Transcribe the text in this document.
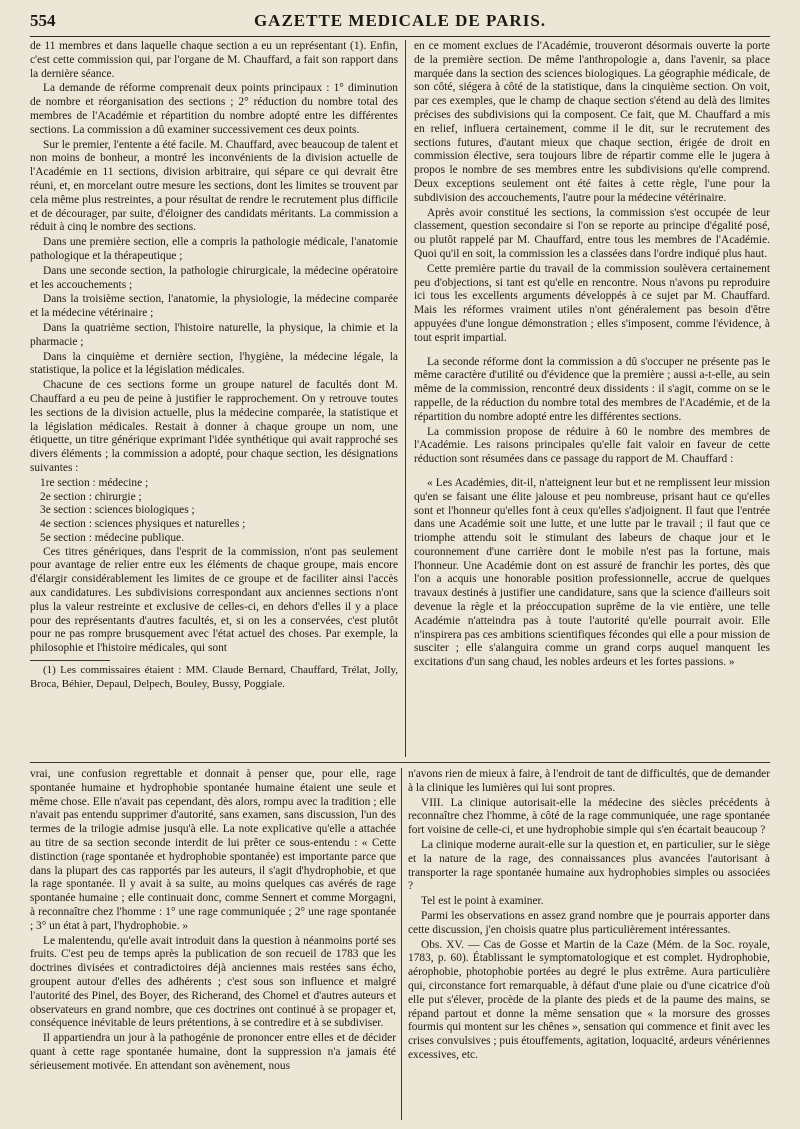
554	GAZETTE MEDICALE DE PARIS.

de 11 membres et dans laquelle chaque section a eu un représentant (1). Enfin, c'est cette commission qui, par l'organe de M. Chauffard, a fait son rapport dans la dernière séance.

La demande de réforme comprenait deux points principaux : 1° diminution de nombre et réorganisation des sections ; 2° réduction du nombre total des membres de l'Académie et répartition du nombre adopté entre les différentes sections. La commission a dû examiner successivement ces deux points.

Sur le premier, l'entente a été facile. M. Chauffard, avec beaucoup de talent et non moins de bonheur, a montré les inconvénients de la division actuelle de l'Académie en 11 sections, division arbitraire, qui sépare ce qui devrait être réuni, et, en morcelant outre mesure les sections, dont les limites se trouvent par cela même plus restreintes, a pour résultat de rendre le recrutement plus difficile et de décourager, par suite, d'éloigner des candidats méritants. La commission a réduit à cinq le nombre des sections.

Dans une première section, elle a compris la pathologie médicale, l'anatomie pathologique et la thérapeutique ;

Dans une seconde section, la pathologie chirurgicale, la médecine opératoire et les accouchements ;

Dans la troisième section, l'anatomie, la physiologie, la médecine comparée et la médecine vétérinaire ;

Dans la quatrième section, l'histoire naturelle, la physique, la chimie et la pharmacie ;

Dans la cinquième et dernière section, l'hygiène, la médecine légale, la statistique, la police et la législation médicales.

Chacune de ces sections forme un groupe naturel de facultés dont M. Chauffard a eu peu de peine à justifier le rapprochement. On y retrouve toutes les sections de la division actuelle, plus la médecine comparée, la statistique et la législation médicales. Restait à donner à chaque groupe un nom, une étiquette, un titre générique exprimant l'idée synthétique qui avait rapproché ses divers éléments ; la commission a adopté, pour chaque section, les désignations suivantes :

1re section : médecine ;

2e section : chirurgie ;

3e section : sciences biologiques ;

4e section : sciences physiques et naturelles ;

5e section : médecine publique.

Ces titres génériques, dans l'esprit de la commission, n'ont pas seulement pour avantage de relier entre eux les éléments de chaque groupe, mais encore d'élargir considérablement les limites de ce groupe et de faciliter ainsi l'accès aux candidatures. Les subdivisions correspondant aux anciennes sections n'ont plus la valeur restreinte et exclusive de celles-ci, en dehors d'elles il y a place pour des représentants d'autres facultés, et, si on les a conservées, c'est plutôt pour ne pas rompre brusquement avec l'état actuel des choses. Par exemple, la philosophie et l'histoire médicales, qui sont

(1) Les commissaires étaient : MM. Claude Bernard, Chauffard, Trélat, Jolly, Broca, Béhier, Depaul, Delpech, Bouley, Bussy, Poggiale.

en ce moment exclues de l'Académie, trouveront désormais ouverte la porte de la première section. De même l'anthropologie a, dans l'avenir, sa place marquée dans la section des sciences biologiques. La géographie médicale, de son côté, siégera à côté de la statistique, dans la cinquième section. On voit, par ces exemples, que le champ de chaque section s'étend au delà des limites précises des subdivisions qui la composent. Ce fait, que M. Chauffard a mis en relief, influera certainement, comme il le dit, sur le recrutement des sections futures, d'autant mieux que chaque section, érigée de droit en commission élective, sera toujours libre de répartir comme elle le jugera à propos le nombre de ses membres entre les subdivisions qu'elle comprend. Deux exceptions seulement ont été faites à cette règle, l'une pour la subdivision des accouchements, l'autre pour la médecine vétérinaire.

Après avoir constitué les sections, la commission s'est occupée de leur classement, question secondaire si l'on se reporte au principe d'égalité posé, ou plutôt rappelé par M. Chauffard, entre tous les membres de l'Académie. Quoi qu'il en soit, la commission les a classées dans l'ordre indiqué plus haut.

Cette première partie du travail de la commission soulèvera certainement peu d'objections, si tant est qu'elle en rencontre. Nous n'avons pu reproduire ici tous les excellents arguments développés à ce sujet par M. Chauffard. Mais les réformes vraiment utiles n'ont généralement pas besoin d'être appuyées d'une longue démonstration ; elles s'imposent, comme l'évidence, à tout esprit impartial.

La seconde réforme dont la commission a dû s'occuper ne présente pas le même caractère d'utilité ou d'évidence que la première ; aussi a-t-elle, au sein même de la commission, rencontré deux dissidents : il s'agit, comme on se le rappelle, de la réduction du nombre total des membres de l'Académie, et de la répartition du nombre adopté entre les différentes sections.

La commission propose de réduire à 60 le nombre des membres de l'Académie. Les raisons principales qu'elle fait valoir en faveur de cette réduction sont résumées dans ce passage du rapport de M. Chauffard :

« Les Académies, dit-il, n'atteignent leur but et ne remplissent leur mission qu'en se faisant une élite jalouse et peu nombreuse, prisant haut ce qu'elles sont et l'honneur qu'elles font à ceux qu'elles s'adjoignent. Il faut que l'entrée dans une Académie soit une lutte, et une lutte par le travail ; il faut que ce triomphe attendu soit le stimulant des labeurs de chaque jour et le couronnement d'une carrière dont le mobile n'est pas la fortune, mais l'honneur. Une Académie dont on est assuré de franchir les portes, dès que l'on a acquis une honorable position professionnelle, accrue de quelques travaux destinés à justifier une candidature, sans que la science d'ailleurs soit devenue la règle et la préoccupation suprême de la vie entière, une telle Académie n'atteindra pas à toute l'autorité qu'elle pourrait avoir. Elle n'inspirera pas ces ambitions scientifiques fécondes qui elle a pour mission de susciter ; elle s'alanguira comme un grand corps auquel manquent les excitations d'un sang chaud, les nobles ardeurs et les fortes passions. »

vrai, une confusion regrettable et donnait à penser que, pour elle, rage spontanée humaine et hydrophobie spontanée humaine étaient une seule et même chose. Elle n'avait pas cependant, dès alors, rompu avec la tradition ; elle n'avait pas entendu supprimer d'autorité, sans examen, sans discussion, l'un des termes de la trilogie admise jusqu'à elle. La note explicative qu'elle a attachée au titre de sa section seconde interdit de lui prêter ce sous-entendu : « Cette distinction (rage spontanée et hydrophobie spontanée) est importante parce que dans la plupart des cas rapportés par les auteurs, il s'agit d'hydrophobie, et que la rage spontanée. Il y avait à sa suite, au moins quelques cas avérés de rage spontanée humaine ; elle continuait donc, comme Sennert et comme Morgagni, à reconnaître chez l'homme : 1° une rage communiquée ; 2° une rage spontanée ; 3° un état à part, l'hydrophobie. »

Le malentendu, qu'elle avait introduit dans la question à néanmoins porté ses fruits. C'est peu de temps après la publication de son recueil de 1783 que les doctrines divisées et contradictoires déjà anciennes mais restées sans écho, groupent autour d'elles des adhérents ; c'est sous son influence et malgré l'autorité des Pinel, des Boyer, des Richerand, des Chomel et d'autres auteurs et observateurs en grand nombre, que ces doctrines ont continué à se propager et, conséquence inévitable de leurs prétentions, à se contredire et à se subdiviser.

Il appartiendra un jour à la pathogénie de prononcer entre elles et de décider quant à cette rage spontanée humaine, dont la suppression n'a jamais été sérieusement motivée. En attendant son avènement, nous

n'avons rien de mieux à faire, à l'endroit de tant de difficultés, que de demander à la clinique les lumières qui lui sont propres.

VIII. La clinique autorisait-elle la médecine des siècles précédents à reconnaître chez l'homme, à côté de la rage communiquée, une rage spontanée fort voisine de celle-ci, et une hydrophobie simple qui s'en écartait beaucoup ?

La clinique moderne aurait-elle sur la question et, en particulier, sur le siège et la nature de la rage, des connaissances plus avancées l'autorisant à transporter la rage spontanée humaine aux hydrophobies simples ou associées ?

Tel est le point à examiner.

Parmi les observations en assez grand nombre que je pourrais apporter dans cette discussion, j'en choisis quatre plus particulièrement intéressantes.

Obs. XV. — Cas de Gosse et Martin de la Caze (Mém. de la Soc. royale, 1783, p. 60). Établissant le symptomatologique et est complet. Hydrophobie, aérophobie, photophobie portées au degré le plus extrême. Aura particulière qui, circonstance fort remarquable, à défaut d'une plaie ou d'une cicatrice d'où elle put s'élever, procède de la plante des pieds et de la paume des mains, se répand partout et donne la même sensation que « la morsure des grosses fourmis qui montent sur les chênes », sensation qui commence et finit avec les crises convulsives ; puis étouffements, agitation, loquacité, ardeurs vénériennes excessives, etc.
